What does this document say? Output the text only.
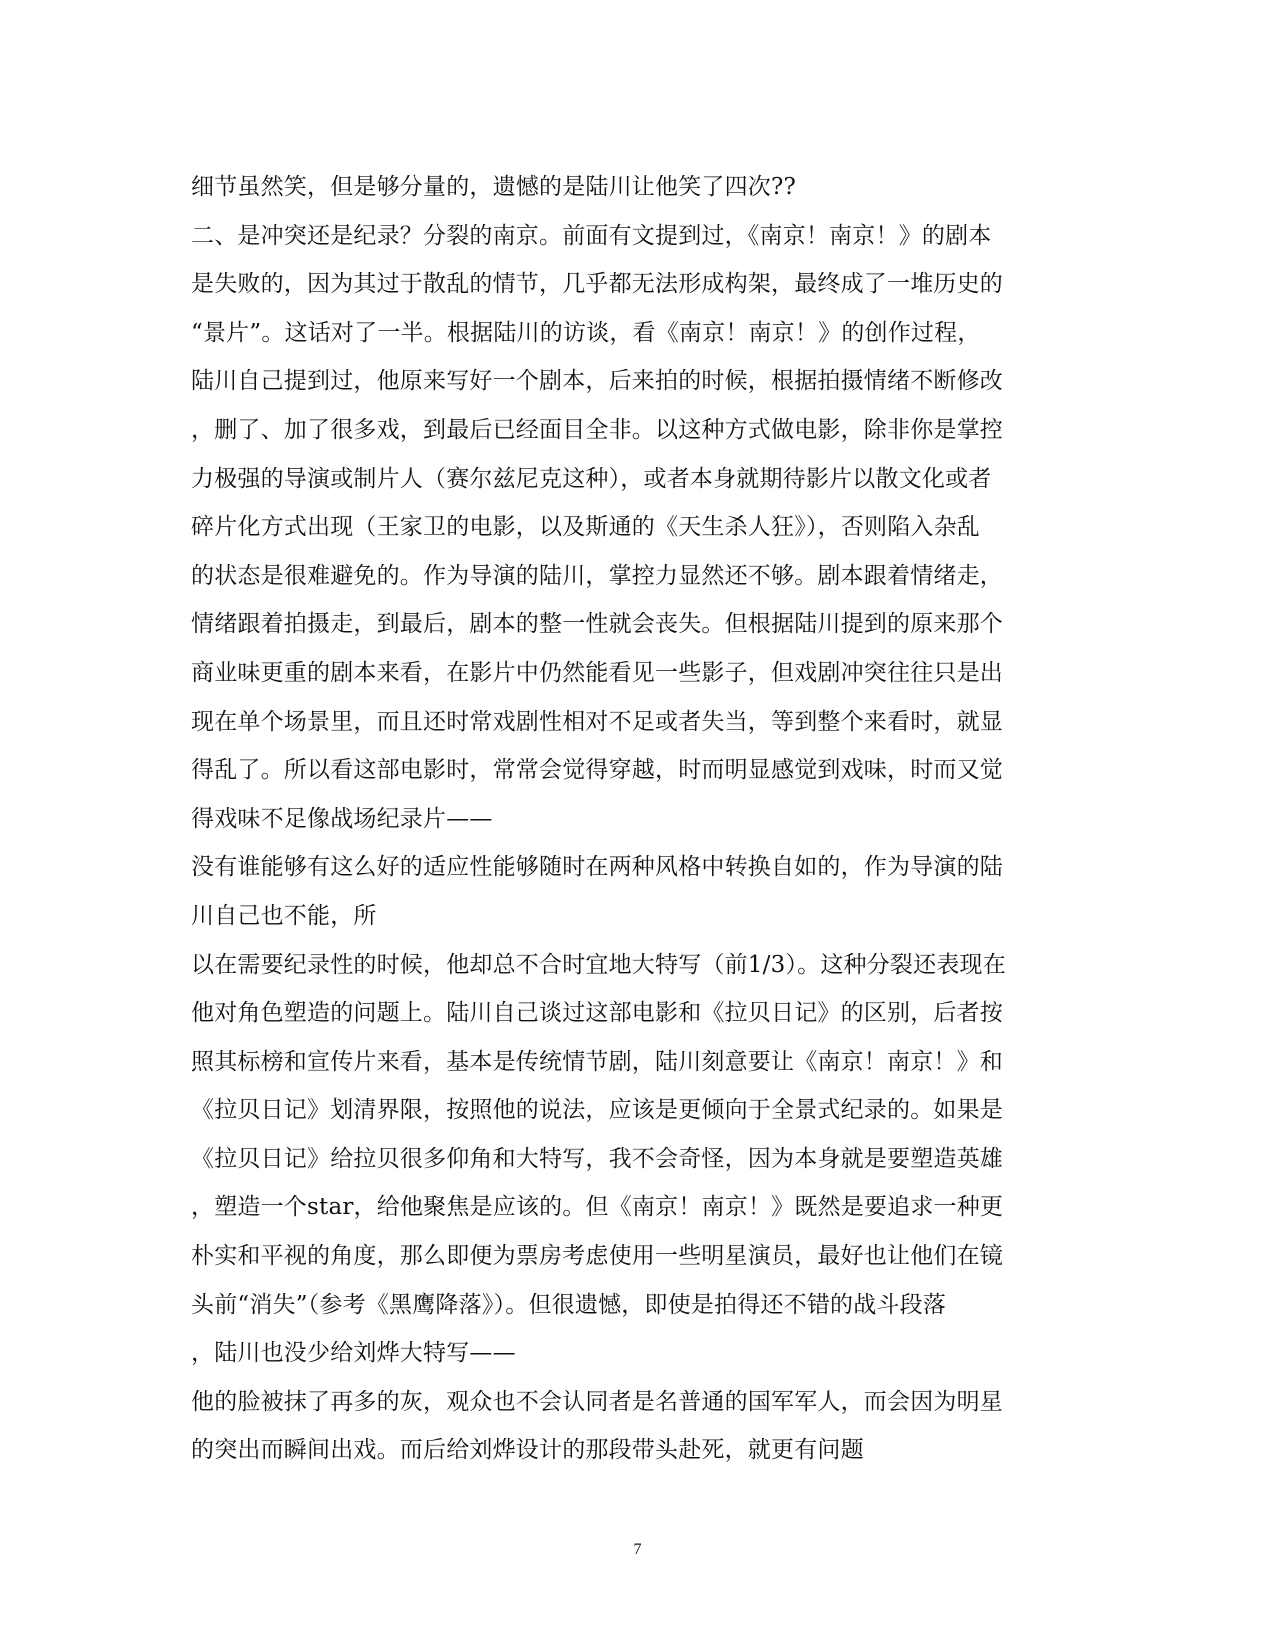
细节虽然笑，但是够分量的，遗憾的是陆川让他笑了四次??
二、是冲突还是纪录？分裂的南京。前面有文提到过，《南京！南京！》的剧本
是失败的，因为其过于散乱的情节，几乎都无法形成构架，最终成了一堆历史的
“景片”。这话对了一半。根据陆川的访谈，看《南京！南京！》的创作过程，
陆川自己提到过，他原来写好一个剧本，后来拍的时候，根据拍摄情绪不断修改
，删了、加了很多戏，到最后已经面目全非。以这种方式做电影，除非你是掌控
力极强的导演或制片人（赛尔兹尼克这种），或者本身就期待影片以散文化或者
碎片化方式出现（王家卫的电影，以及斯通的《天生杀人狂》），否则陷入杂乱
的状态是很难避免的。作为导演的陆川，掌控力显然还不够。剧本跟着情绪走，
情绪跟着拍摄走，到最后，剧本的整一性就会丧失。但根据陆川提到的原来那个
商业味更重的剧本来看，在影片中仍然能看见一些影子，但戏剧冲突往往只是出
现在单个场景里，而且还时常戏剧性相对不足或者失当，等到整个来看时，就显
得乱了。所以看这部电影时，常常会觉得穿越，时而明显感觉到戏味，时而又觉
得戏味不足像战场纪录片——
没有谁能够有这么好的适应性能够随时在两种风格中转换自如的，作为导演的陆
川自己也不能，所
以在需要纪录性的时候，他却总不合时宜地大特写（前1/3）。这种分裂还表现在
他对角色塑造的问题上。陆川自己谈过这部电影和《拉贝日记》的区别，后者按
照其标榜和宣传片来看，基本是传统情节剧，陆川刻意要让《南京！南京！》和
《拉贝日记》划清界限，按照他的说法，应该是更倾向于全景式纪录的。如果是
《拉贝日记》给拉贝很多仰角和大特写，我不会奇怪，因为本身就是要塑造英雄
，塑造一个star，给他聚焦是应该的。但《南京！南京！》既然是要追求一种更
朴实和平视的角度，那么即便为票房考虑使用一些明星演员，最好也让他们在镜
头前“消失”（参考《黑鹰降落》）。但很遗憾，即使是拍得还不错的战斗段落
，陆川也没少给刘烨大特写——
他的脸被抹了再多的灰，观众也不会认同者是名普通的国军军人，而会因为明星
的突出而瞬间出戏。而后给刘烨设计的那段带头赴死，就更有问题
7
